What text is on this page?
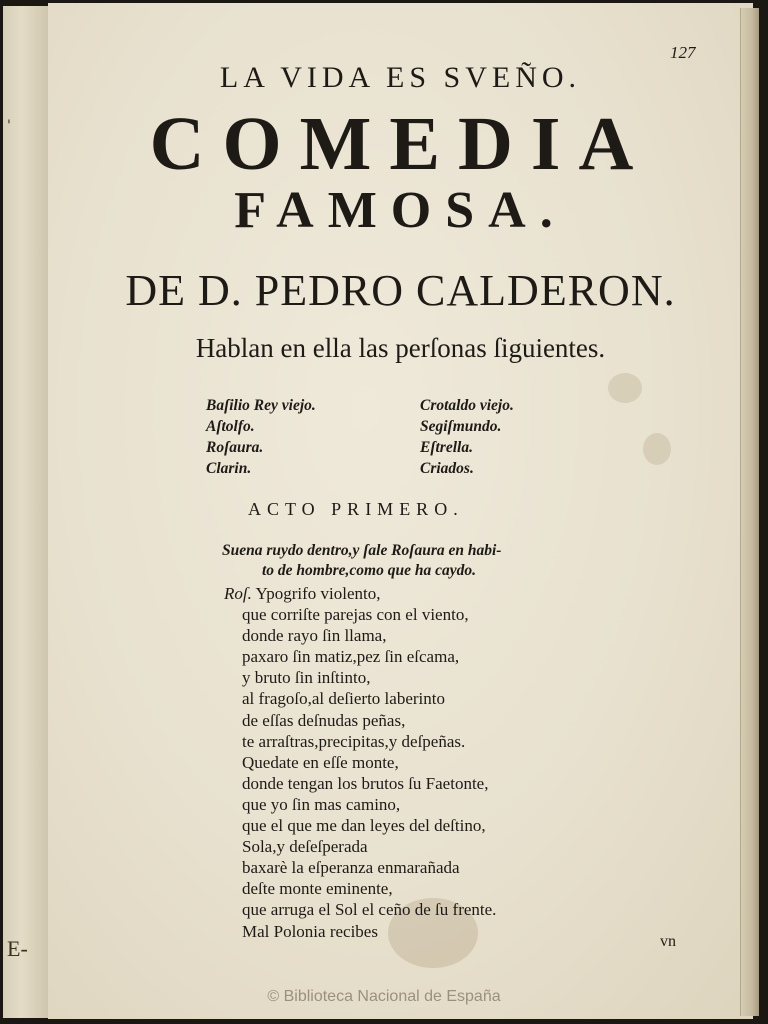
'
E-
127
LA VIDA ES SVEÑO.
COMEDIA
FAMOSA.
DE D. PEDRO CALDERON.
Hablan en ella las perſonas ſiguientes.
Baſilio Rey viejo.
Aſtolfo.
Roſaura.
Clarin.
Crotaldo viejo.
Segiſmundo.
Eſtrella.
Criados.
ACTO PRIMERO.
Suena ruydo dentro,y ſale Roſaura en habi-
to de hombre,como que ha caydo.
Roſ. Ypogrifo violento,
que corriſte parejas con el viento,
donde rayo ſin llama,
paxaro ſin matiz,pez ſin eſcama,
y bruto ſin inſtinto,
al fragoſo,al deſierto laberinto
de eſſas deſnudas peñas,
te arraſtras,precipitas,y deſpeñas.
Quedate en eſſe monte,
donde tengan los brutos ſu Faetonte,
que yo ſin mas camino,
que el que me dan leyes del deſtino,
Sola,y deſeſperada
baxarè la eſperanza enmarañada
deſte monte eminente,
que arruga el Sol el ceño de ſu frente.
Mal Polonia recibes
vn
© Biblioteca Nacional de España
